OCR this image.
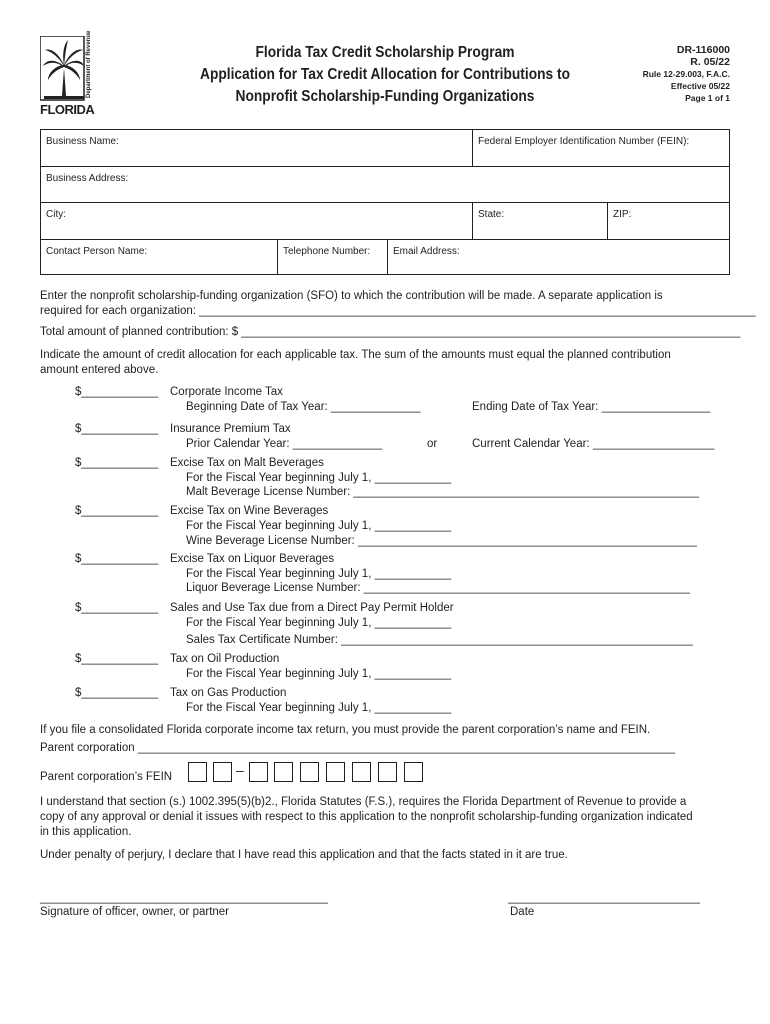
FLORIDA
Department of Revenue	Florida Tax Credit Scholarship Program
Application for Tax Credit Allocation for Contributions to
Nonprofit Scholarship-Funding Organizations
DR-116000
R. 05/22
Rule 12-29.003, F.A.C.
Effective 05/22
Page 1 of 1
Business Name:	Federal Employer Identification Number (FEIN):
Business Address:
City:	State:	ZIP:
Contact Person Name:	Telephone Number:	Email Address:
Enter the nonprofit scholarship-funding organization (SFO) to which the contribution will be made. A separate application is
required for each organization: _______________________________________________________________________________________
Total amount of planned contribution: $ ______________________________________________________________________________
Indicate the amount of credit allocation for each applicable tax. The sum of the amounts must equal the planned contribution
amount entered above.
$____________ Corporate Income Tax
Beginning Date of Tax Year: ______________	Ending Date of Tax Year: _________________
$____________ Insurance Premium Tax
Prior Calendar Year: ______________	or	Current Calendar Year: ___________________
$____________ Excise Tax on Malt Beverages
For the Fiscal Year beginning July 1, ____________
Malt Beverage License Number: ______________________________________________________
$____________ Excise Tax on Wine Beverages
For the Fiscal Year beginning July 1, ____________
Wine Beverage License Number: _____________________________________________________
$____________ Excise Tax on Liquor Beverages
For the Fiscal Year beginning July 1, ____________
Liquor Beverage License Number: ___________________________________________________
$____________ Sales and Use Tax due from a Direct Pay Permit Holder
For the Fiscal Year beginning July 1, ____________
Sales Tax Certificate Number: _______________________________________________________
$____________ Tax on Oil Production
For the Fiscal Year beginning July 1, ____________
$____________ Tax on Gas Production
For the Fiscal Year beginning July 1, ____________
If you file a consolidated Florida corporate income tax return, you must provide the parent corporation’s name and FEIN.
Parent corporation ____________________________________________________________________________________
Parent corporation’s FEIN	–
I understand that section (s.) 1002.395(5)(b)2., Florida Statutes (F.S.), requires the Florida Department of Revenue to provide a
copy of any approval or denial it issues with respect to this application to the nonprofit scholarship-funding organization indicated
in this application.
Under penalty of perjury, I declare that I have read this application and that the facts stated in it are true.
_____________________________________________
Signature of officer, owner, or partner
______________________________
Date
